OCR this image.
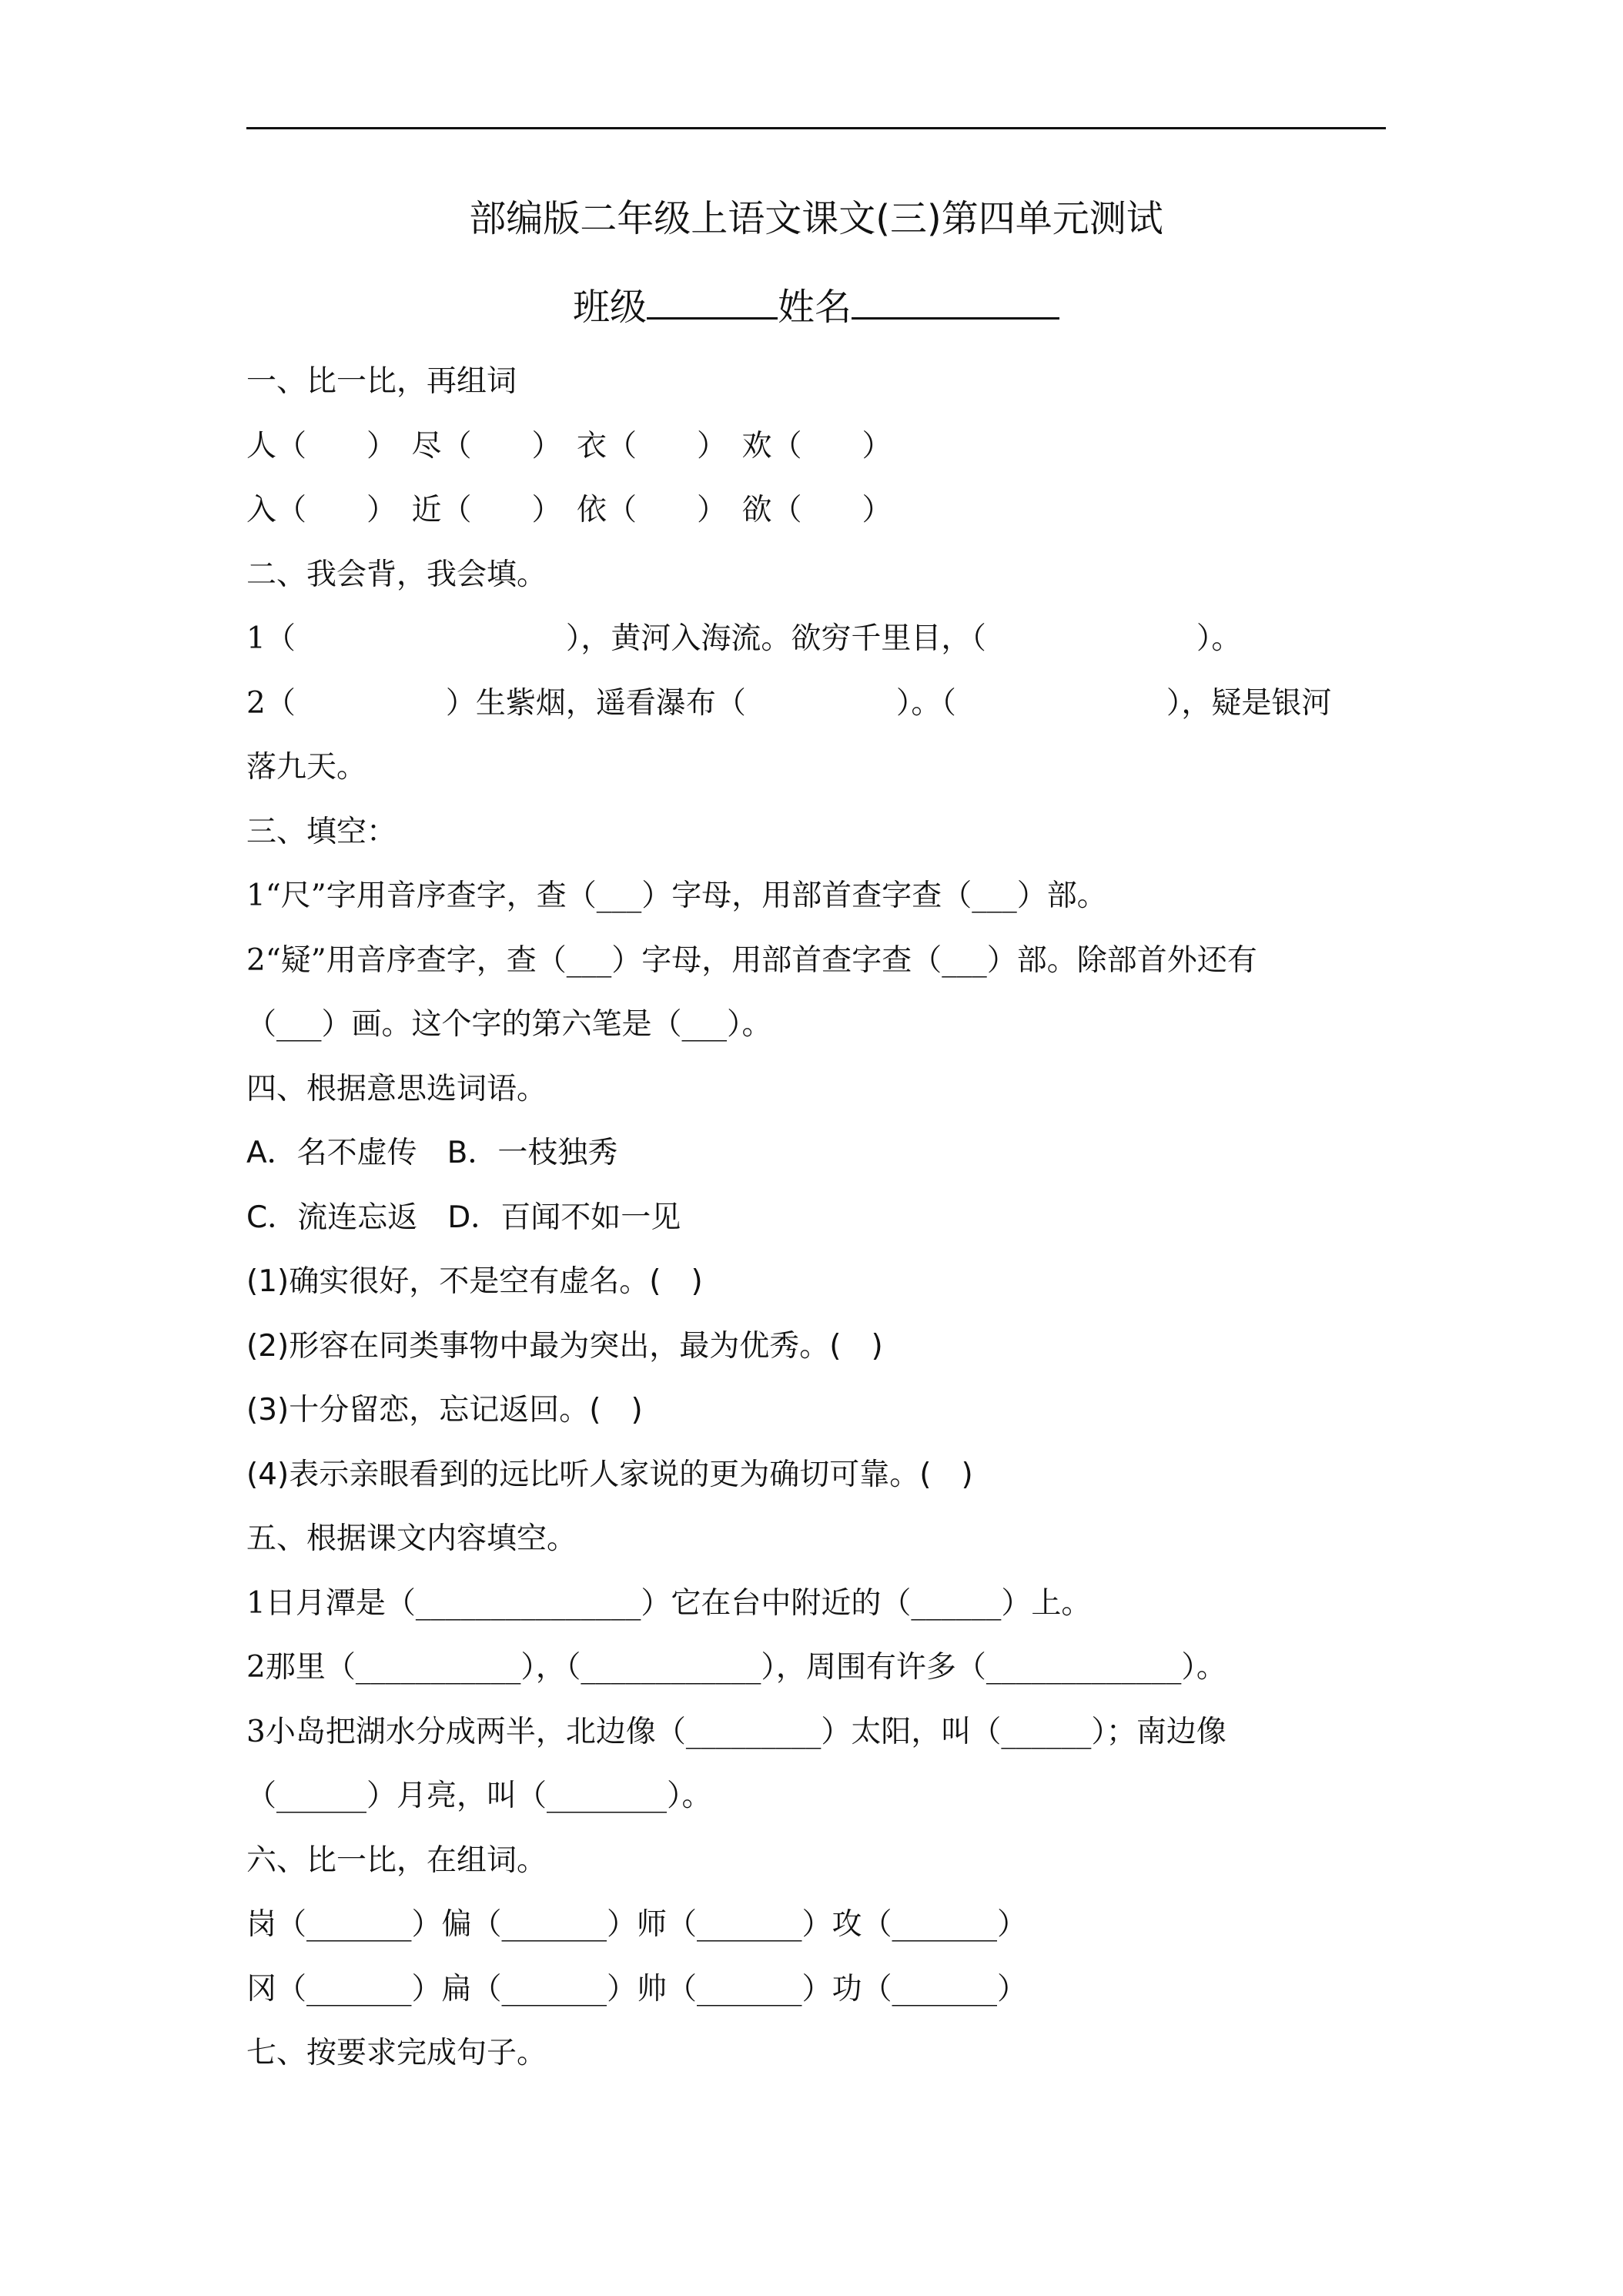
部编版二年级上语文课文(三)第四单元测试
班级	姓名
一、比一比，再组词
人（　　）　尽（　　）　衣（　　）　欢（　　）
入（　　）　近（　　）　依（　　）　欲（　　）
二、我会背，我会填。
1（　　　　　　　　　），黄河入海流。欲穷千里目，（　　　　　　　）。
2（　　　　　）生紫烟，遥看瀑布（　　　　　）。（　　　　　　　），疑是银河
落九天。
三、填空：
1“尺”字用音序查字，查（___）字母，用部首查字查（___）部。
2“疑”用音序查字，查（___）字母，用部首查字查（___）部。除部首外还有
（___）画。这个字的第六笔是（___）。
四、根据意思选词语。
A．名不虚传　B．一枝独秀
C．流连忘返　D．百闻不如一见
(1)确实很好，不是空有虚名。(　)
(2)形容在同类事物中最为突出，最为优秀。(　)
(3)十分留恋，忘记返回。(　)
(4)表示亲眼看到的远比听人家说的更为确切可靠。(　)
五、根据课文内容填空。
1日月潭是（_______________）它在台中附近的（______）上。
2那里（___________），（____________），周围有许多（_____________）。
3小岛把湖水分成两半，北边像（_________）太阳，叫（______）；南边像
（______）月亮，叫（________）。
六、比一比，在组词。
岗（_______）偏（_______）师（_______）攻（_______）
冈（_______）扁（_______）帅（_______）功（_______）
七、按要求完成句子。
